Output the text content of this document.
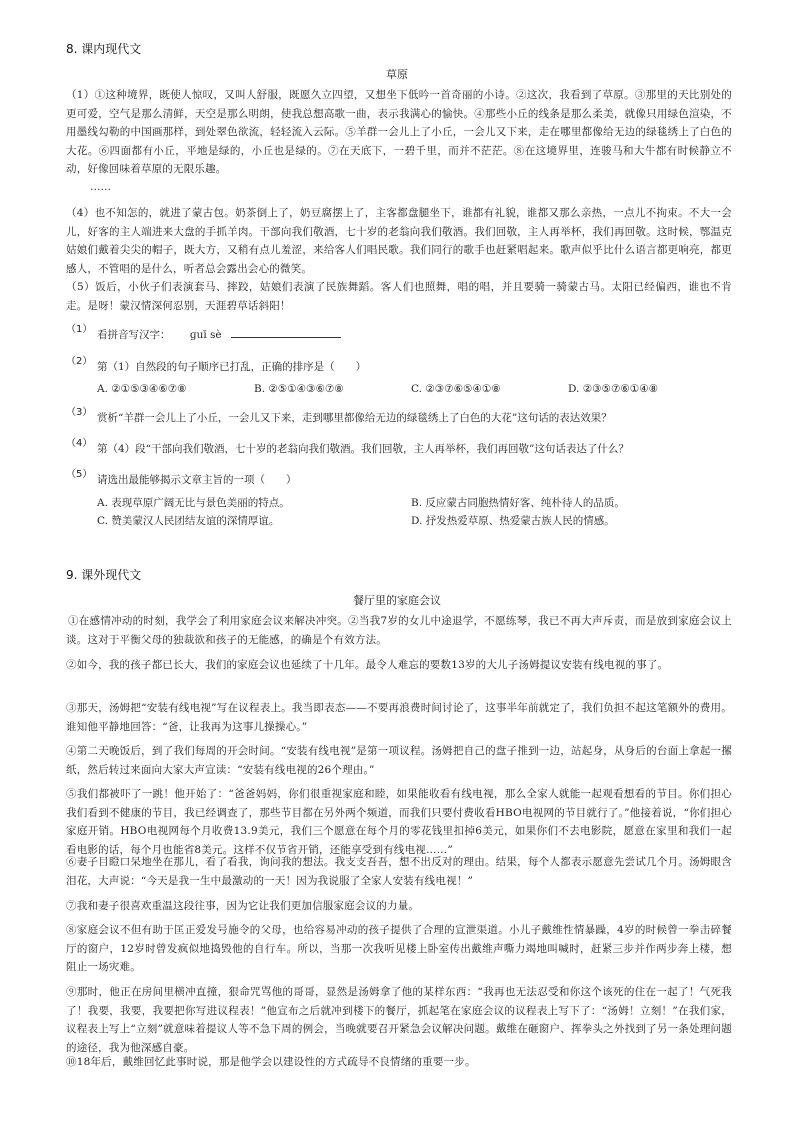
8. 课内现代文
草原
（1）①这种境界，既使人惊叹，又叫人舒服，既愿久立四望，又想坐下低吟一首奇丽的小诗。②这次，我看到了草原。③那里的天比别处的更可爱，空气是那么清鲜，天空是那么明朗，使我总想高歌一曲，表示我满心的愉快。④那些小丘的线条是那么柔美，就像只用绿色渲染，不用墨线勾勒的中国画那样，到处翠色欲流，轻轻流入云际。⑤羊群一会儿上了小丘，一会儿又下来，走在哪里都像给无边的绿毯绣上了白色的大花。⑥四面都有小丘，平地是绿的，小丘也是绿的。⑦在天底下，一碧千里，而并不茫茫。⑧在这境界里，连骏马和大牛都有时候静立不动，好像回味着草原的无限乐趣。
……
（4）也不知怎的，就进了蒙古包。奶茶倒上了，奶豆腐摆上了，主客都盘腿坐下，谁都有礼貌，谁都又那么亲热，一点儿不拘束。不大一会儿，好客的主人端进来大盘的手抓羊肉。干部向我们敬酒，七十岁的老翁向我们敬酒。我们回敬，主人再举杯，我们再回敬。这时候，鄂温克姑娘们戴着尖尖的帽子，既大方，又稍有点儿羞涩，来给客人们唱民歌。我们同行的歌手也赶紧唱起来。歌声似乎比什么语言都更响亮，都更感人，不管唱的是什么，听者总会露出会心的微笑。
（5）饭后，小伙子们表演套马、摔跤，姑娘们表演了民族舞蹈。客人们也照舞，唱的唱，并且要骑一骑蒙古马。太阳已经偏西，谁也不肯走。是呀！蒙汉情深何忍别，天涯碧草话斜阳！
（1） 看拼音写汉字： ɡuī sè
（2） 第（1）自然段的句子顺序已打乱，正确的排序是（　　）
A. ②①⑤③④⑥⑦⑧	B. ②⑤①④③⑥⑦⑧	C. ②③⑦⑥⑤④①⑧	D. ②③⑤⑦⑥①④⑧
（3） 赏析“羊群一会儿上了小丘，一会儿又下来，走到哪里都像给无边的绿毯绣上了白色的大花”这句话的表达效果？
（4） 第（4）段“干部向我们敬酒，七十岁的老翁向我们敬酒。我们回敬，主人再举杯，我们再回敬”这句话表达了什么？
（5） 请选出最能够揭示文章主旨的一项（　　）
A. 表现草原广阔无比与景色美丽的特点。	B. 反应蒙古同胞热情好客、纯朴待人的品质。
C. 赞美蒙汉人民团结友谊的深情厚谊。	D. 抒发热爱草原、热爱蒙古族人民的情感。
9. 课外现代文
餐厅里的家庭会议
①在感情冲动的时刻，我学会了利用家庭会议来解决冲突。②当我7岁的女儿中途退学，不愿练琴，我已不再大声斥责，而是放到家庭会议上谈。这对于平衡父母的独裁欲和孩子的无能感，的确是个有效方法。
②如今，我的孩子都已长大，我们的家庭会议也延续了十几年。最令人难忘的要数13岁的大儿子汤姆提议安装有线电视的事了。
③那天，汤姆把“安装有线电视”写在议程表上。我当即表态——不要再浪费时间讨论了，这事半年前就定了，我们负担不起这笔额外的费用。谁知他平静地回答：“爸，让我再为这事儿操操心。”
④第二天晚饭后，到了我们每周的开会时间。“安装有线电视”是第一项议程。汤姆把自己的盘子推到一边，站起身，从身后的台面上拿起一摞纸，然后转过来面向大家大声宣读：“安装有线电视的26个理由。”
⑤我们都被吓了一跳！他开始了：“爸爸妈妈，你们很重视家庭和睦，如果能收看有线电视，那么全家人就能一起观看想看的节目。你们担心我们看到不健康的节目，我已经调查了，那些节目都在另外两个频道，而我们只要付费收看HBO电视网的节目就行了。”他接着说，“你们担心家庭开销。HBO电视网每个月收费13.9美元，我们三个愿意在每个月的零花钱里扣掉6美元，如果你们不去电影院，愿意在家里和我们一起看电影的话，每个月也能省8美元。这样不仅节省开销，还能享受到有线电视……”
⑥妻子目瞪口呆地坐在那儿，看了看我，询问我的想法。我支支吾吾，想不出反对的理由。结果，每个人都表示愿意先尝试几个月。汤姆眼含泪花，大声说：“今天是我一生中最激动的一天！因为我说服了全家人安装有线电视！”
⑦我和妻子很喜欢重温这段往事，因为它让我们更加信服家庭会议的力量。
⑧家庭会议不但有助于匡正爱发号施令的父母，也给容易冲动的孩子提供了合理的宣泄渠道。小儿子戴维性情暴躁，4岁的时候曾一拳击碎餐厅的窗户，12岁时曾发疯似地捣毁他的自行车。所以，当那一次我听见楼上卧室传出戴维声嘶力竭地叫喊时，赶紧三步并作两步奔上楼，想阻止一场灾难。
⑨那时，他正在房间里横冲直撞，狠命咒骂他的哥哥，显然是汤姆拿了他的某样东西：“我再也无法忍受和你这个该死的住在一起了！气死我了！我要，我要，我要把你写进议程表！”他宣布之后就冲到楼下的餐厅，抓起笔在家庭会议的议程表上写下了：“汤姆！立刻！”在我们家，议程表上写上“立刻”就意味着提议人等不急下周的例会，当晚就要召开紧急会议解决问题。戴维在砸窗户、挥拳头之外找到了另一条处理问题的途径，我为他深感自豪。
⑩18年后，戴维回忆此事时说，那是他学会以建设性的方式疏导不良情绪的重要一步。
